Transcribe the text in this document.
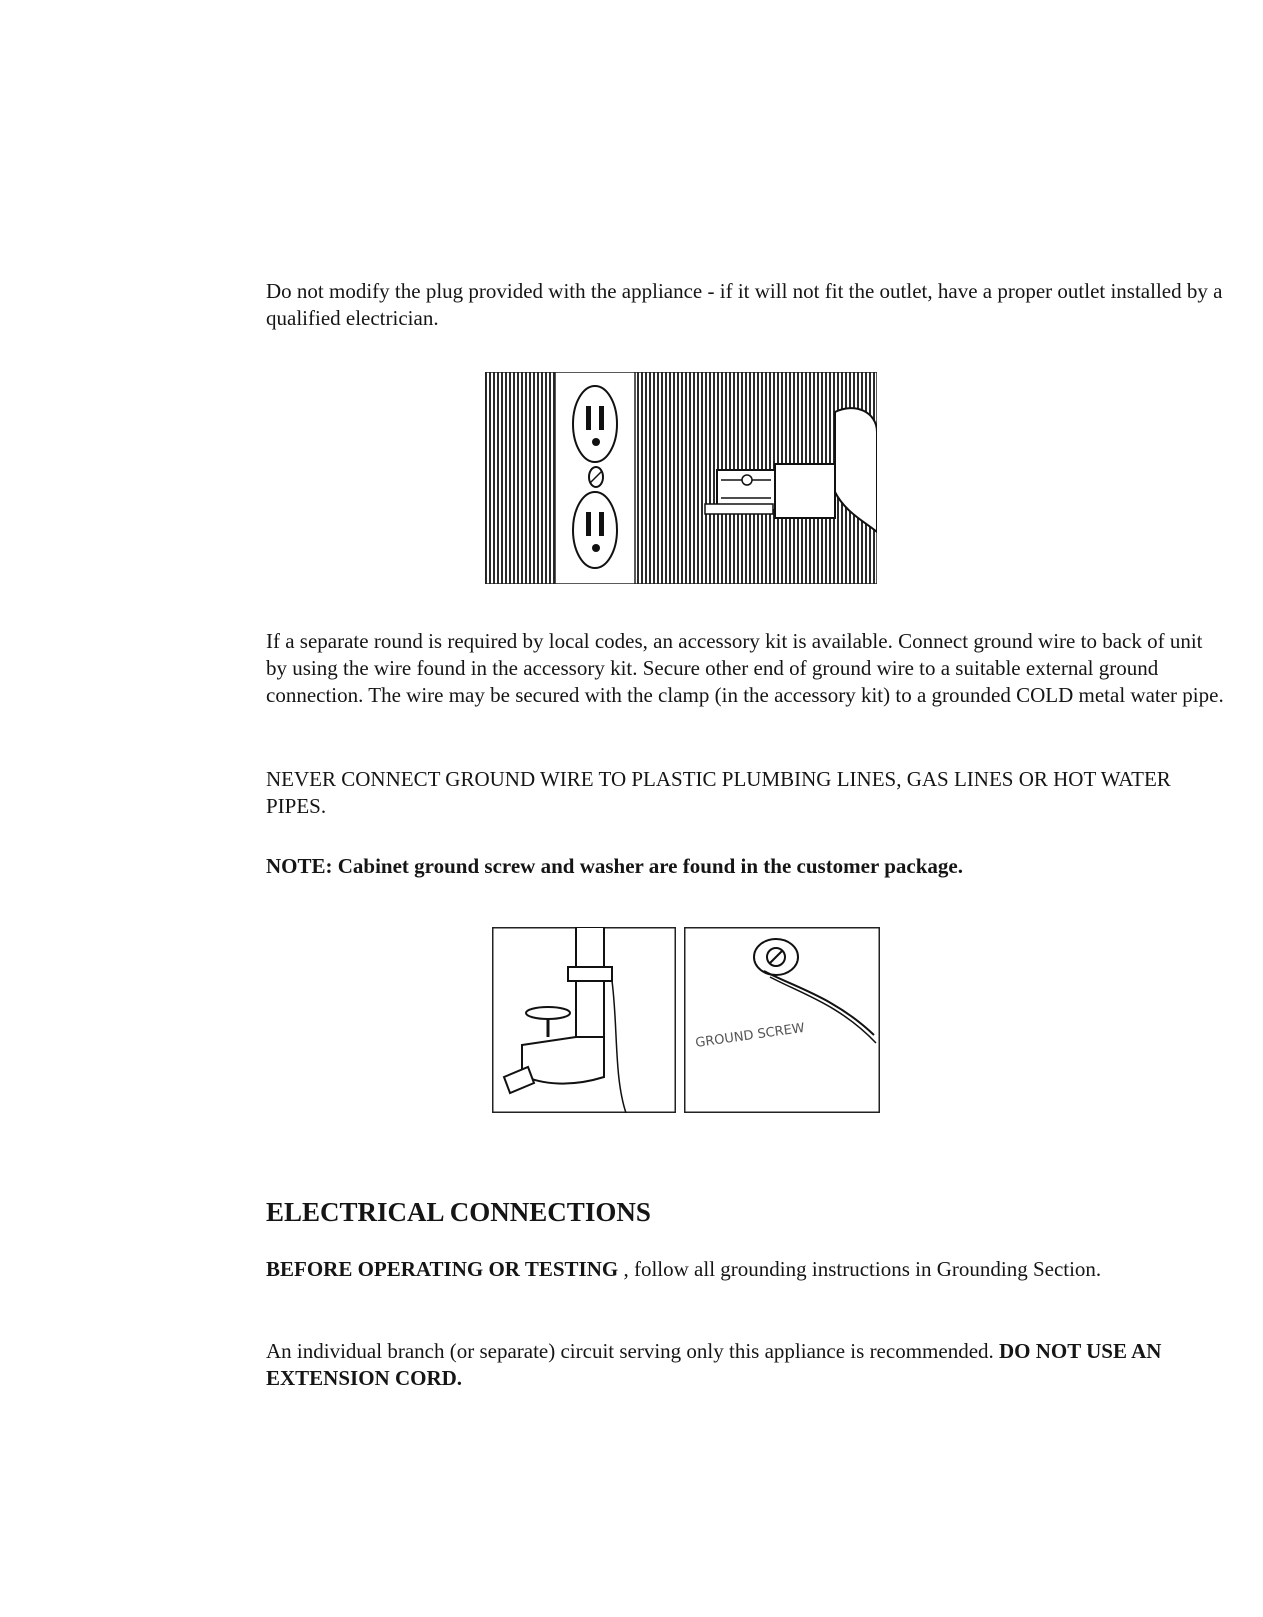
Do not modify the plug provided with the appliance - if it will not fit the outlet, have a proper outlet installed by a qualified electrician.
If a separate round is required by local codes, an accessory kit is available. Connect ground wire to back of unit by using the wire found in the accessory kit. Secure other end of ground wire to a suitable external ground connection. The wire may be secured with the clamp (in the accessory kit) to a grounded COLD metal water pipe.
NEVER CONNECT GROUND WIRE TO PLASTIC PLUMBING LINES, GAS LINES OR HOT WATER PIPES.
NOTE: Cabinet ground screw and washer are found in the customer package.
GROUND SCREW
ELECTRICAL CONNECTIONS
BEFORE OPERATING OR TESTING , follow all grounding instructions in Grounding Section.
An individual branch (or separate) circuit serving only this appliance is recommended. DO NOT USE AN EXTENSION CORD.
